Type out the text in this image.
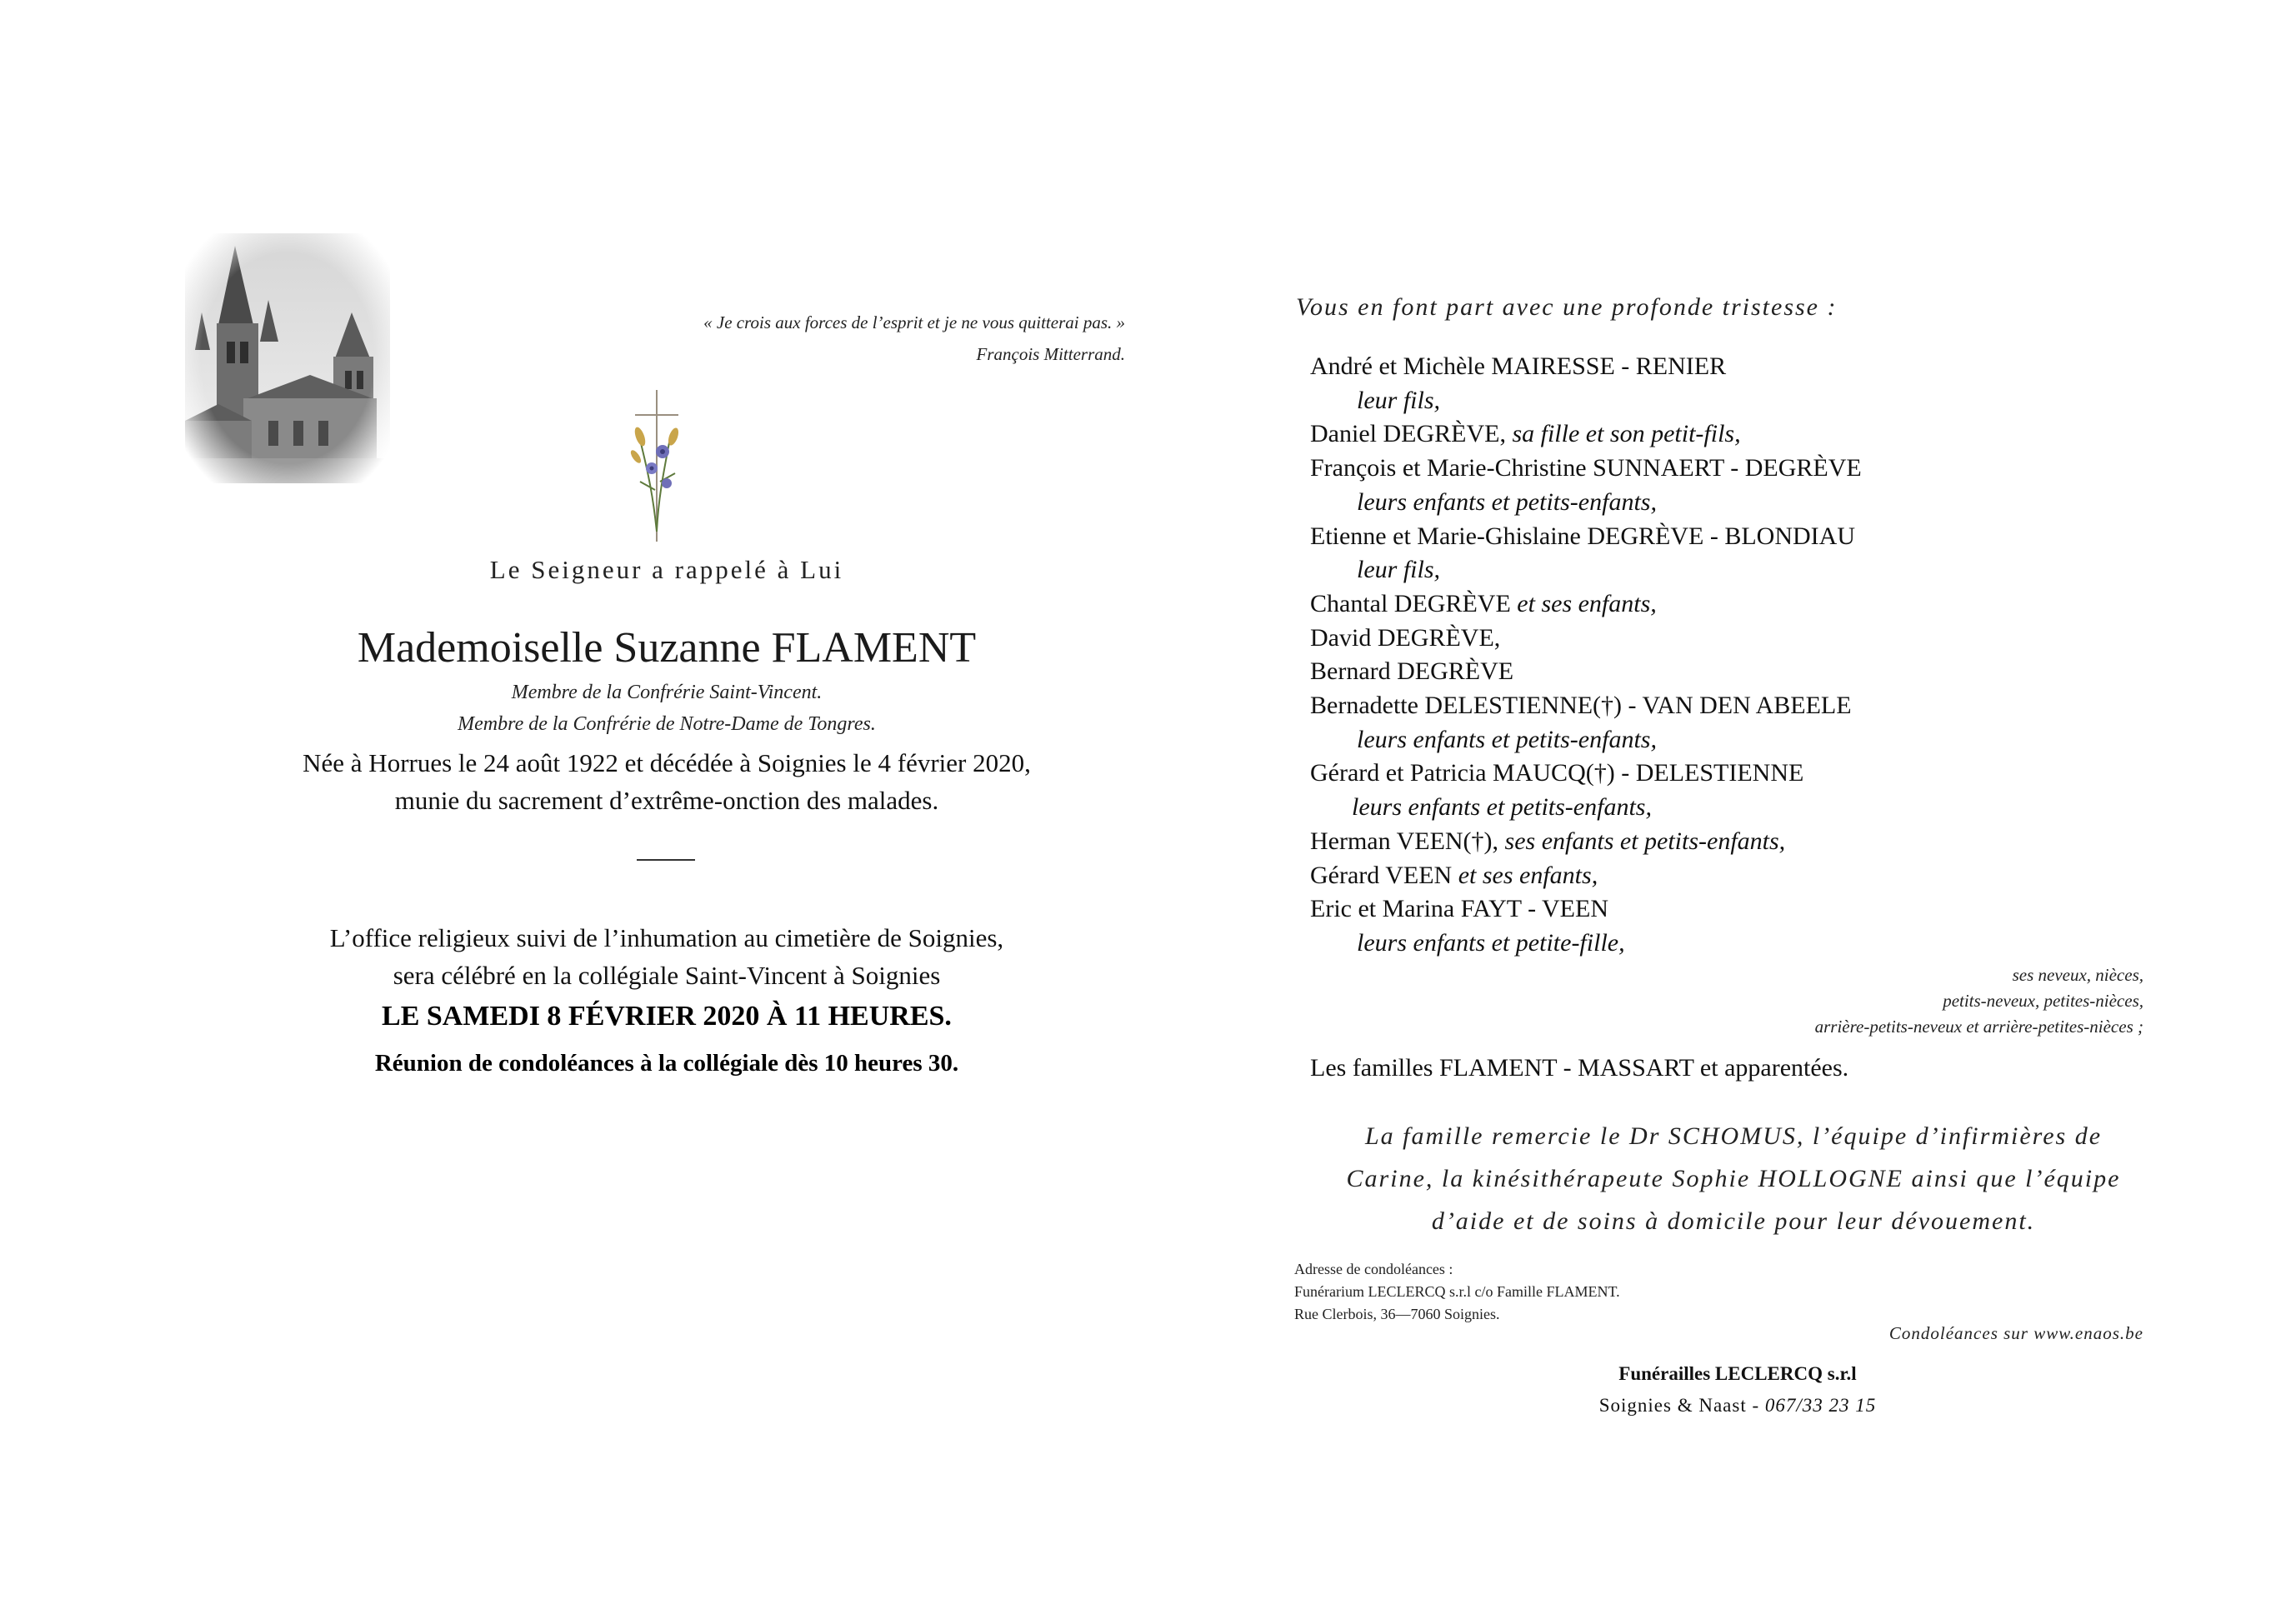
« Je crois aux forces de l’esprit et je ne vous quitterai pas. »
François Mitterrand.
Le Seigneur a rappelé à Lui
Mademoiselle Suzanne FLAMENT
Membre de la Confrérie Saint-Vincent.
Membre de la Confrérie de Notre-Dame de Tongres.
Née à Horrues le 24 août 1922 et décédée à Soignies le 4 février 2020,
munie du sacrement d’extrême-onction des malades.
L’office religieux suivi de l’inhumation au cimetière de Soignies,
sera célébré en la collégiale Saint-Vincent à Soignies
LE SAMEDI 8 FÉVRIER 2020 À 11 HEURES.
Réunion de condoléances à la collégiale dès 10 heures 30.
Vous en font part avec une profonde tristesse :
André et Michèle MAIRESSE - RENIER
leur fils,
Daniel DEGRÈVE, sa fille et son petit-fils,
François et Marie-Christine SUNNAERT - DEGRÈVE
leurs enfants et petits-enfants,
Etienne et Marie-Ghislaine DEGRÈVE - BLONDIAU
leur fils,
Chantal DEGRÈVE et ses enfants,
David DEGRÈVE,
Bernard DEGRÈVE
Bernadette DELESTIENNE(†) - VAN DEN ABEELE
leurs enfants et petits-enfants,
Gérard et Patricia MAUCQ(†) - DELESTIENNE
leurs enfants et petits-enfants,
Herman VEEN(†), ses enfants et petits-enfants,
Gérard VEEN et ses enfants,
Eric et Marina FAYT - VEEN
leurs enfants et petite-fille,
ses neveux, nièces,
petits-neveux, petites-nièces,
arrière-petits-neveux et arrière-petites-nièces ;
Les familles FLAMENT - MASSART et apparentées.
La famille remercie le Dr SCHOMUS, l’équipe d’infirmières de
Carine, la kinésithérapeute Sophie HOLLOGNE ainsi que l’équipe
d’aide et de soins à domicile pour leur dévouement.
Adresse de condoléances :
Funérarium LECLERCQ s.r.l c/o Famille FLAMENT.
Rue Clerbois, 36—7060 Soignies.
Condoléances sur www.enaos.be
Funérailles LECLERCQ s.r.l
Soignies & Naast - 067/33 23 15
